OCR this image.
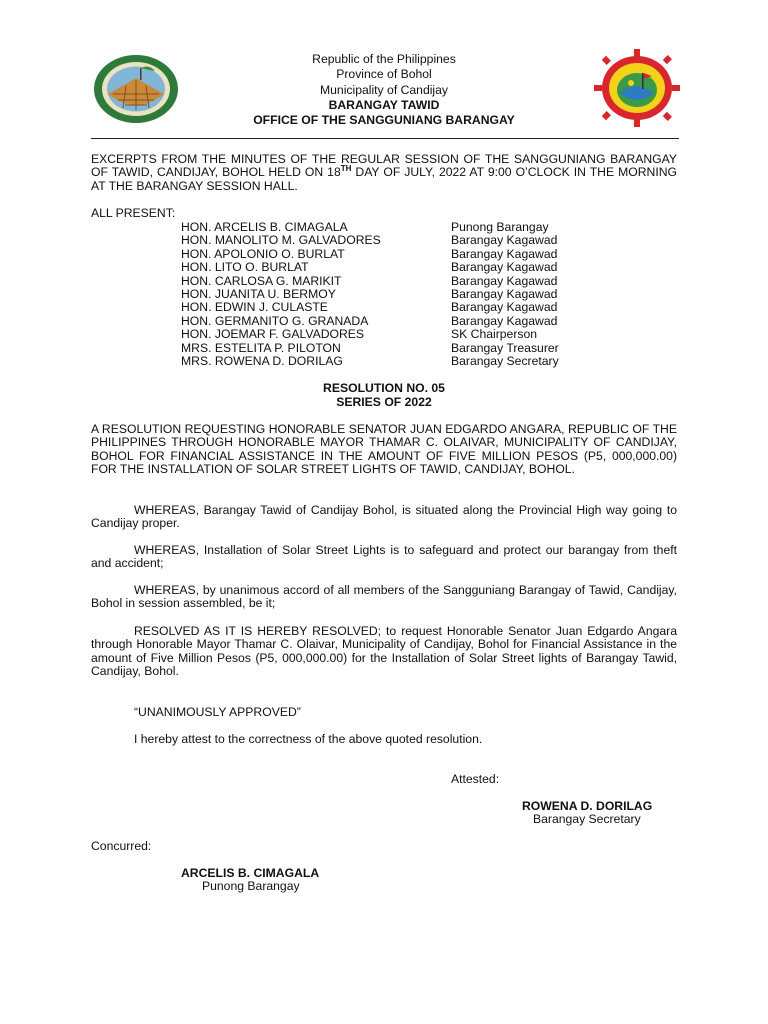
Republic of the Philippines
Province of Bohol
Municipality of Candijay
BARANGAY TAWID
OFFICE OF THE SANGGUNIANG BARANGAY
EXCERPTS FROM THE MINUTES OF THE REGULAR SESSION OF THE SANGGUNIANG BARANGAY OF TAWID, CANDIJAY, BOHOL HELD ON 18TH DAY OF JULY, 2022 AT 9:00 O’CLOCK IN THE MORNING AT THE BARANGAY SESSION HALL.
ALL PRESENT:
HON. ARCELIS B. CIMAGALA	Punong Barangay
HON. MANOLITO M. GALVADORES	Barangay Kagawad
HON. APOLONIO O. BURLAT	Barangay Kagawad
HON. LITO O. BURLAT	Barangay Kagawad
HON. CARLOSA G. MARIKIT	Barangay Kagawad
HON. JUANITA U. BERMOY	Barangay Kagawad
HON. EDWIN J. CULASTE	Barangay Kagawad
HON. GERMANITO G. GRANADA	Barangay Kagawad
HON. JOEMAR F. GALVADORES	SK Chairperson
MRS. ESTELITA P. PILOTON	Barangay Treasurer
MRS. ROWENA D. DORILAG	Barangay Secretary
RESOLUTION NO. 05
SERIES OF 2022
A RESOLUTION REQUESTING HONORABLE SENATOR JUAN EDGARDO ANGARA, REPUBLIC OF THE PHILIPPINES THROUGH HONORABLE MAYOR THAMAR C. OLAIVAR, MUNICIPALITY OF CANDIJAY, BOHOL FOR FINANCIAL ASSISTANCE IN THE AMOUNT OF FIVE MILLION PESOS (P5, 000,000.00) FOR THE INSTALLATION OF SOLAR STREET LIGHTS OF TAWID, CANDIJAY, BOHOL.
WHEREAS, Barangay Tawid of Candijay Bohol, is situated along the Provincial High way going to Candijay proper.
WHEREAS, Installation of Solar Street Lights is to safeguard and protect our barangay from theft and accident;
WHEREAS, by unanimous accord of all members of the Sangguniang Barangay of Tawid, Candijay, Bohol in session assembled, be it;
RESOLVED AS IT IS HEREBY RESOLVED; to request Honorable Senator Juan Edgardo Angara through Honorable Mayor Thamar C. Olaivar, Municipality of Candijay, Bohol for Financial Assistance in the amount of Five Million Pesos (P5, 000,000.00) for the Installation of Solar Street lights of Barangay Tawid, Candijay, Bohol.
“UNANIMOUSLY APPROVED”
I hereby attest to the correctness of the above quoted resolution.
Attested:
ROWENA D. DORILAG
Barangay Secretary
Concurred:
ARCELIS B. CIMAGALA
Punong Barangay
